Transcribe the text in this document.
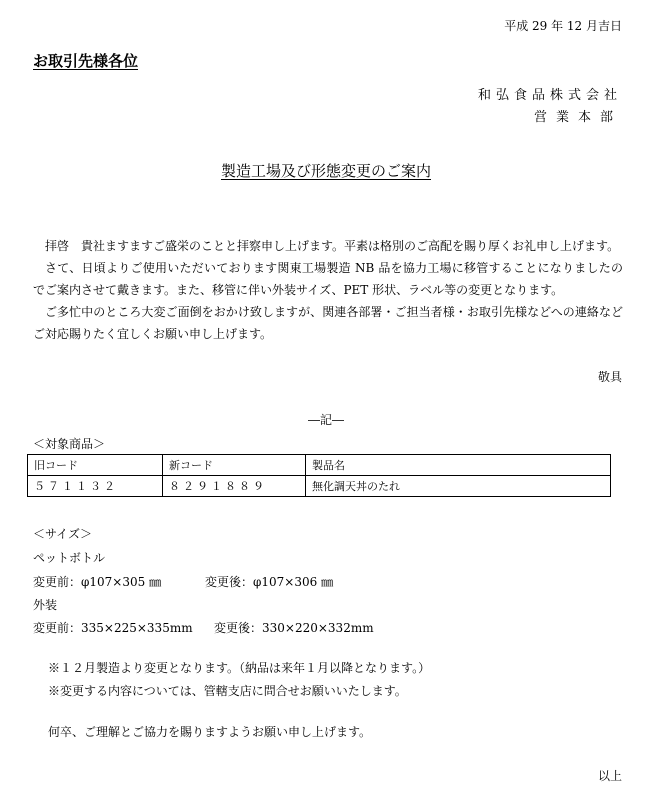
平成 29 年 12 月吉日
お取引先様各位
和弘食品株式会社
営業本部
製造工場及び形態変更のご案内

拝啓　貴社ますますご盛栄のことと拝察申し上げます。平素は格別のご高配を賜り厚くお礼申し上げます。

さて、日頃よりご使用いただいております関東工場製造 NB 品を協力工場に移管することになりましたのでご案内させて戴きます。また、移管に伴い外装サイズ、PET 形状、ラベル等の変更となります。

ご多忙中のところ大変ご面倒をおかけ致しますが、関連各部署・ご担当者様・お取引先様などへの連絡などご対応賜りたく宜しくお願い申し上げます。

敬具
―記―
＜対象商品＞
旧コード	新コード	製品名
５７１１３２	８２９１８８９	無化調天丼のたれ
＜サイズ＞
ペットボトル
変更前：φ107×305 ㎜	変更後：φ107×306 ㎜
外装
変更前：335×225×335mm 変更後：330×220×332mm
※１２月製造より変更となります。（納品は来年１月以降となります。）
※変更する内容については、管轄支店に問合せお願いいたします。
何卒、ご理解とご協力を賜りますようお願い申し上げます。
以上
